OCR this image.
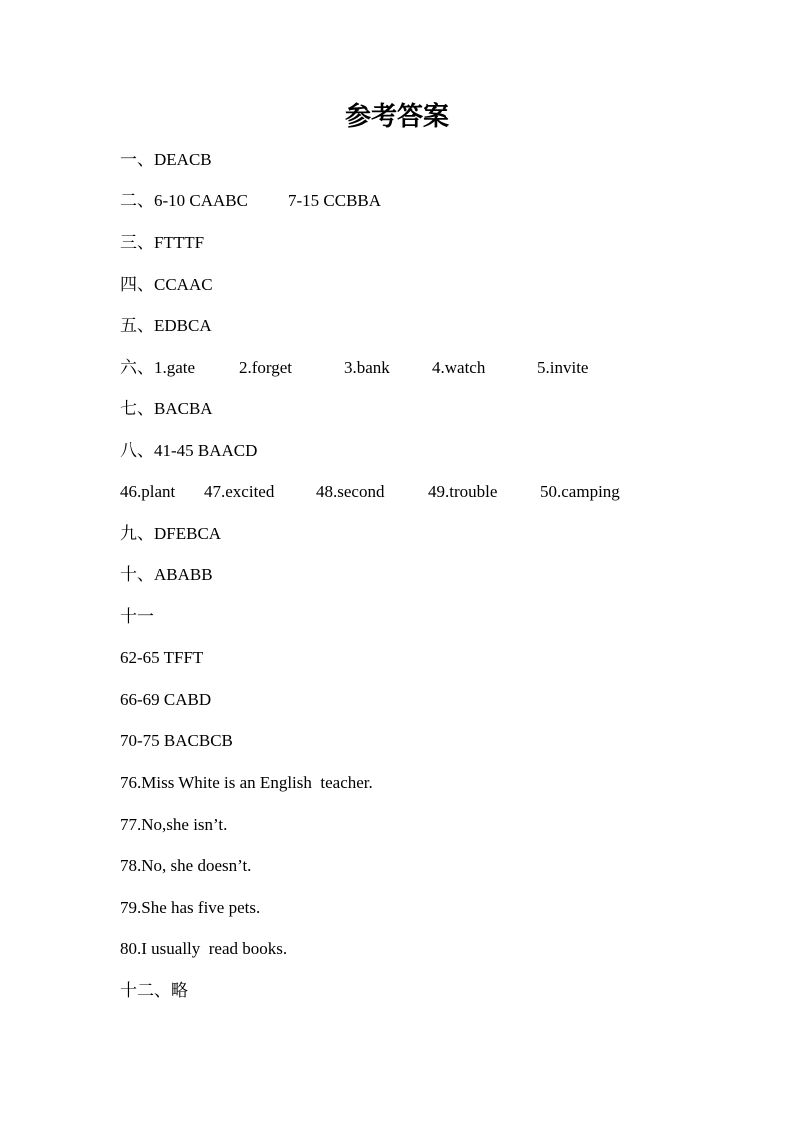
参考答案
一、DEACB
二、6-10 CAABC 7-15 CCBBA
三、FTTTF
四、CCAAC
五、EDBCA
六、1.gate	2.forget	3.bank 4.watch	5.invite
七、BACBA
八、41-45 BAACD
46.plant 47.excited 48.second	49.trouble	50.camping
九、DFEBCA
十、ABABB
十一
62-65 TFFT
66-69 CABD
70-75 BACBCB
76.Miss White is an English  teacher.
77.No,she isn’t.
78.No, she doesn’t.
79.She has five pets.
80.I usually  read books.
十二、略
